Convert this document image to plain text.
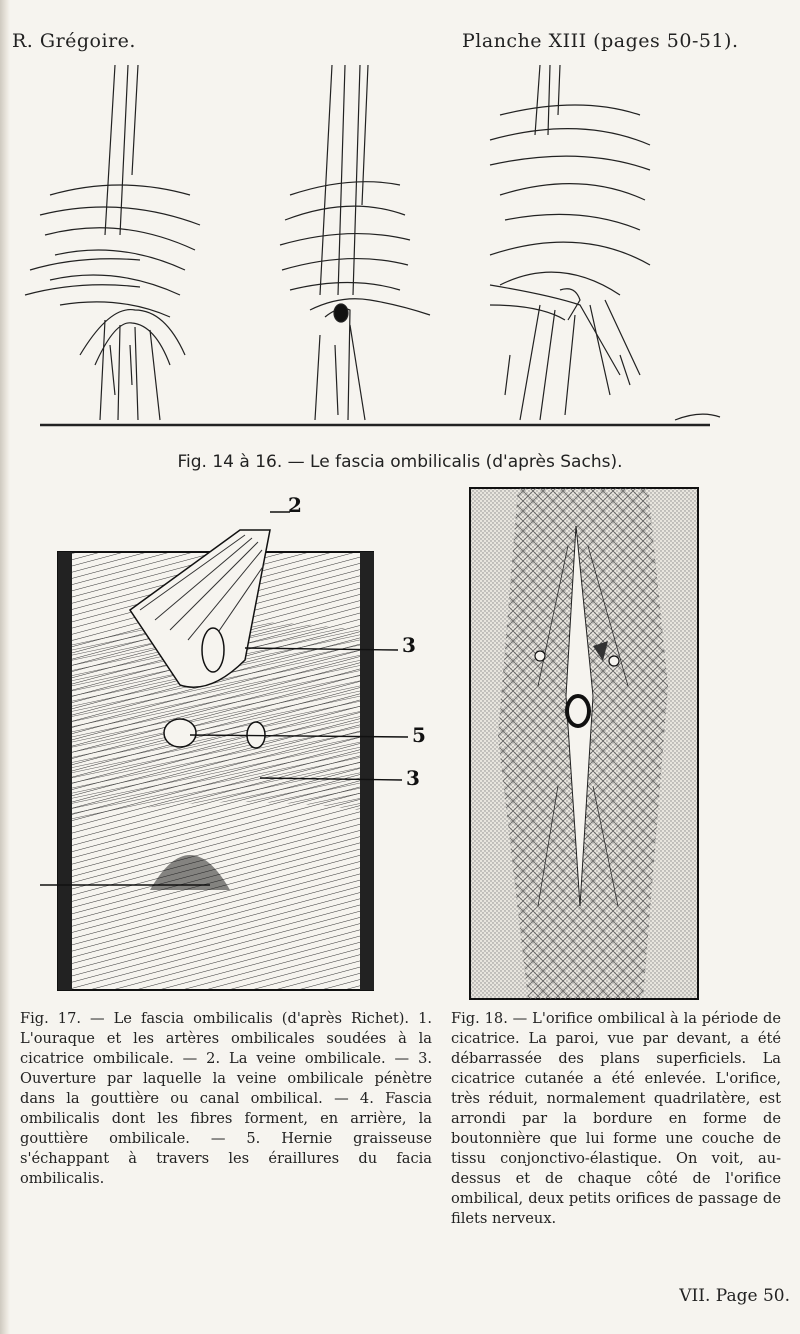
R. Grégoire.	Planche XIII (pages 50-51).
Fig. 14 à 16. — Le fascia ombilicalis (d'après Sachs).
2
3
5
3
Fig. 17. — Le fascia ombilicalis (d'après Richet). 1. L'ouraque et les artères ombilicales soudées à la cicatrice ombilicale. — 2. La veine ombilicale. — 3. Ouverture par laquelle la veine ombilicale pénètre dans la gouttière ou canal ombilical. — 4. Fascia ombilicalis dont les fibres forment, en arrière, la gouttière ombilicale. — 5. Hernie graisseuse s'échappant à travers les éraillures du facia ombilicalis.
Fig. 18. — L'orifice ombilical à la période de cicatrice. La paroi, vue par devant, a été débarrassée des plans superficiels. La cicatrice cutanée a été enlevée. L'orifice, très réduit, normalement quadrilatère, est arrondi par la bordure en forme de boutonnière que lui forme une couche de tissu conjonctivo-élastique. On voit, au-dessus et de chaque côté de l'orifice ombilical, deux petits orifices de passage de filets nerveux.
VII. Page 50.
